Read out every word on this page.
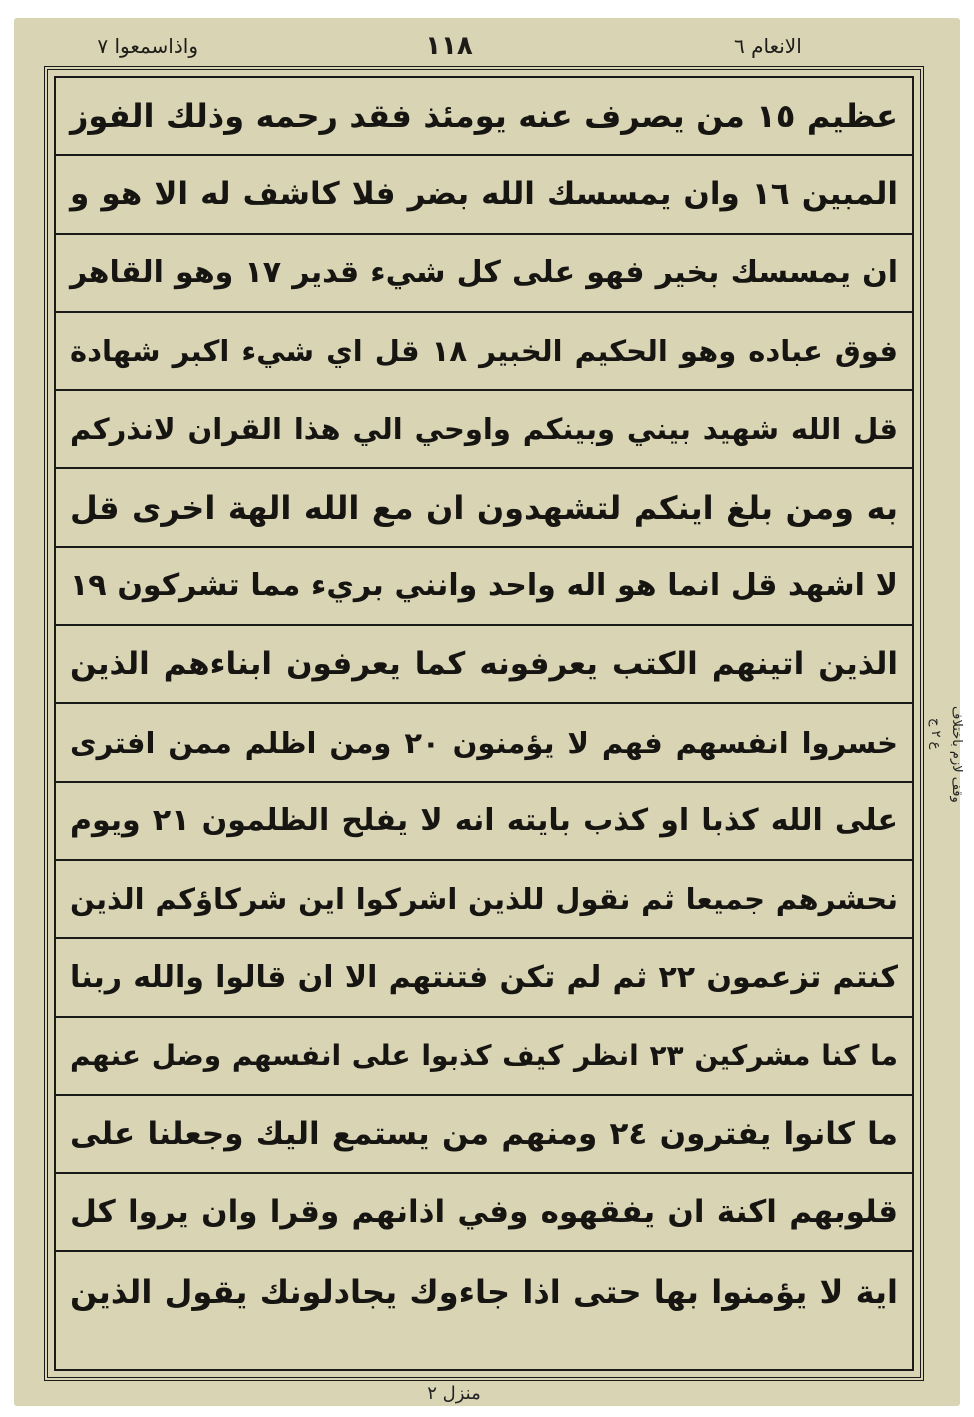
واذاسمعوا ٧	١١٨	الانعام ٦
عظيم ١٥ من يصرف عنه يومئذ فقد رحمه وذلك الفوز
المبين ١٦ وان يمسسك الله بضر فلا كاشف له الا هو و
ان يمسسك بخير فهو على كل شيء قدير ١٧ وهو القاهر
فوق عباده وهو الحكيم الخبير ١٨ قل اي شيء اكبر شهادة
قل الله شهيد بيني وبينكم واوحي الي هذا القران لانذركم
به ومن بلغ اينكم لتشهدون ان مع الله الهة اخرى قل
لا اشهد قل انما هو اله واحد وانني بريء مما تشركون ١٩
الذين اتينهم الكتب يعرفونه كما يعرفون ابناءهم الذين
خسروا انفسهم فهم لا يؤمنون ٢٠ ومن اظلم ممن افترى
على الله كذبا او كذب بايته انه لا يفلح الظلمون ٢١ ويوم
نحشرهم جميعا ثم نقول للذين اشركوا اين شركاؤكم الذين
كنتم تزعمون ٢٢ ثم لم تكن فتنتهم الا ان قالوا والله ربنا
ما كنا مشركين ٢٣ انظر كيف كذبوا على انفسهم وضل عنهم
ما كانوا يفترون ٢٤ ومنهم من يستمع اليك وجعلنا على
قلوبهم اكنة ان يفقهوه وفي اذانهم وقرا وان يروا كل
اية لا يؤمنوا بها حتى اذا جاءوك يجادلونك يقول الذين
وقف لازم باختلاف
ع ٢ ج
منزل ٢
